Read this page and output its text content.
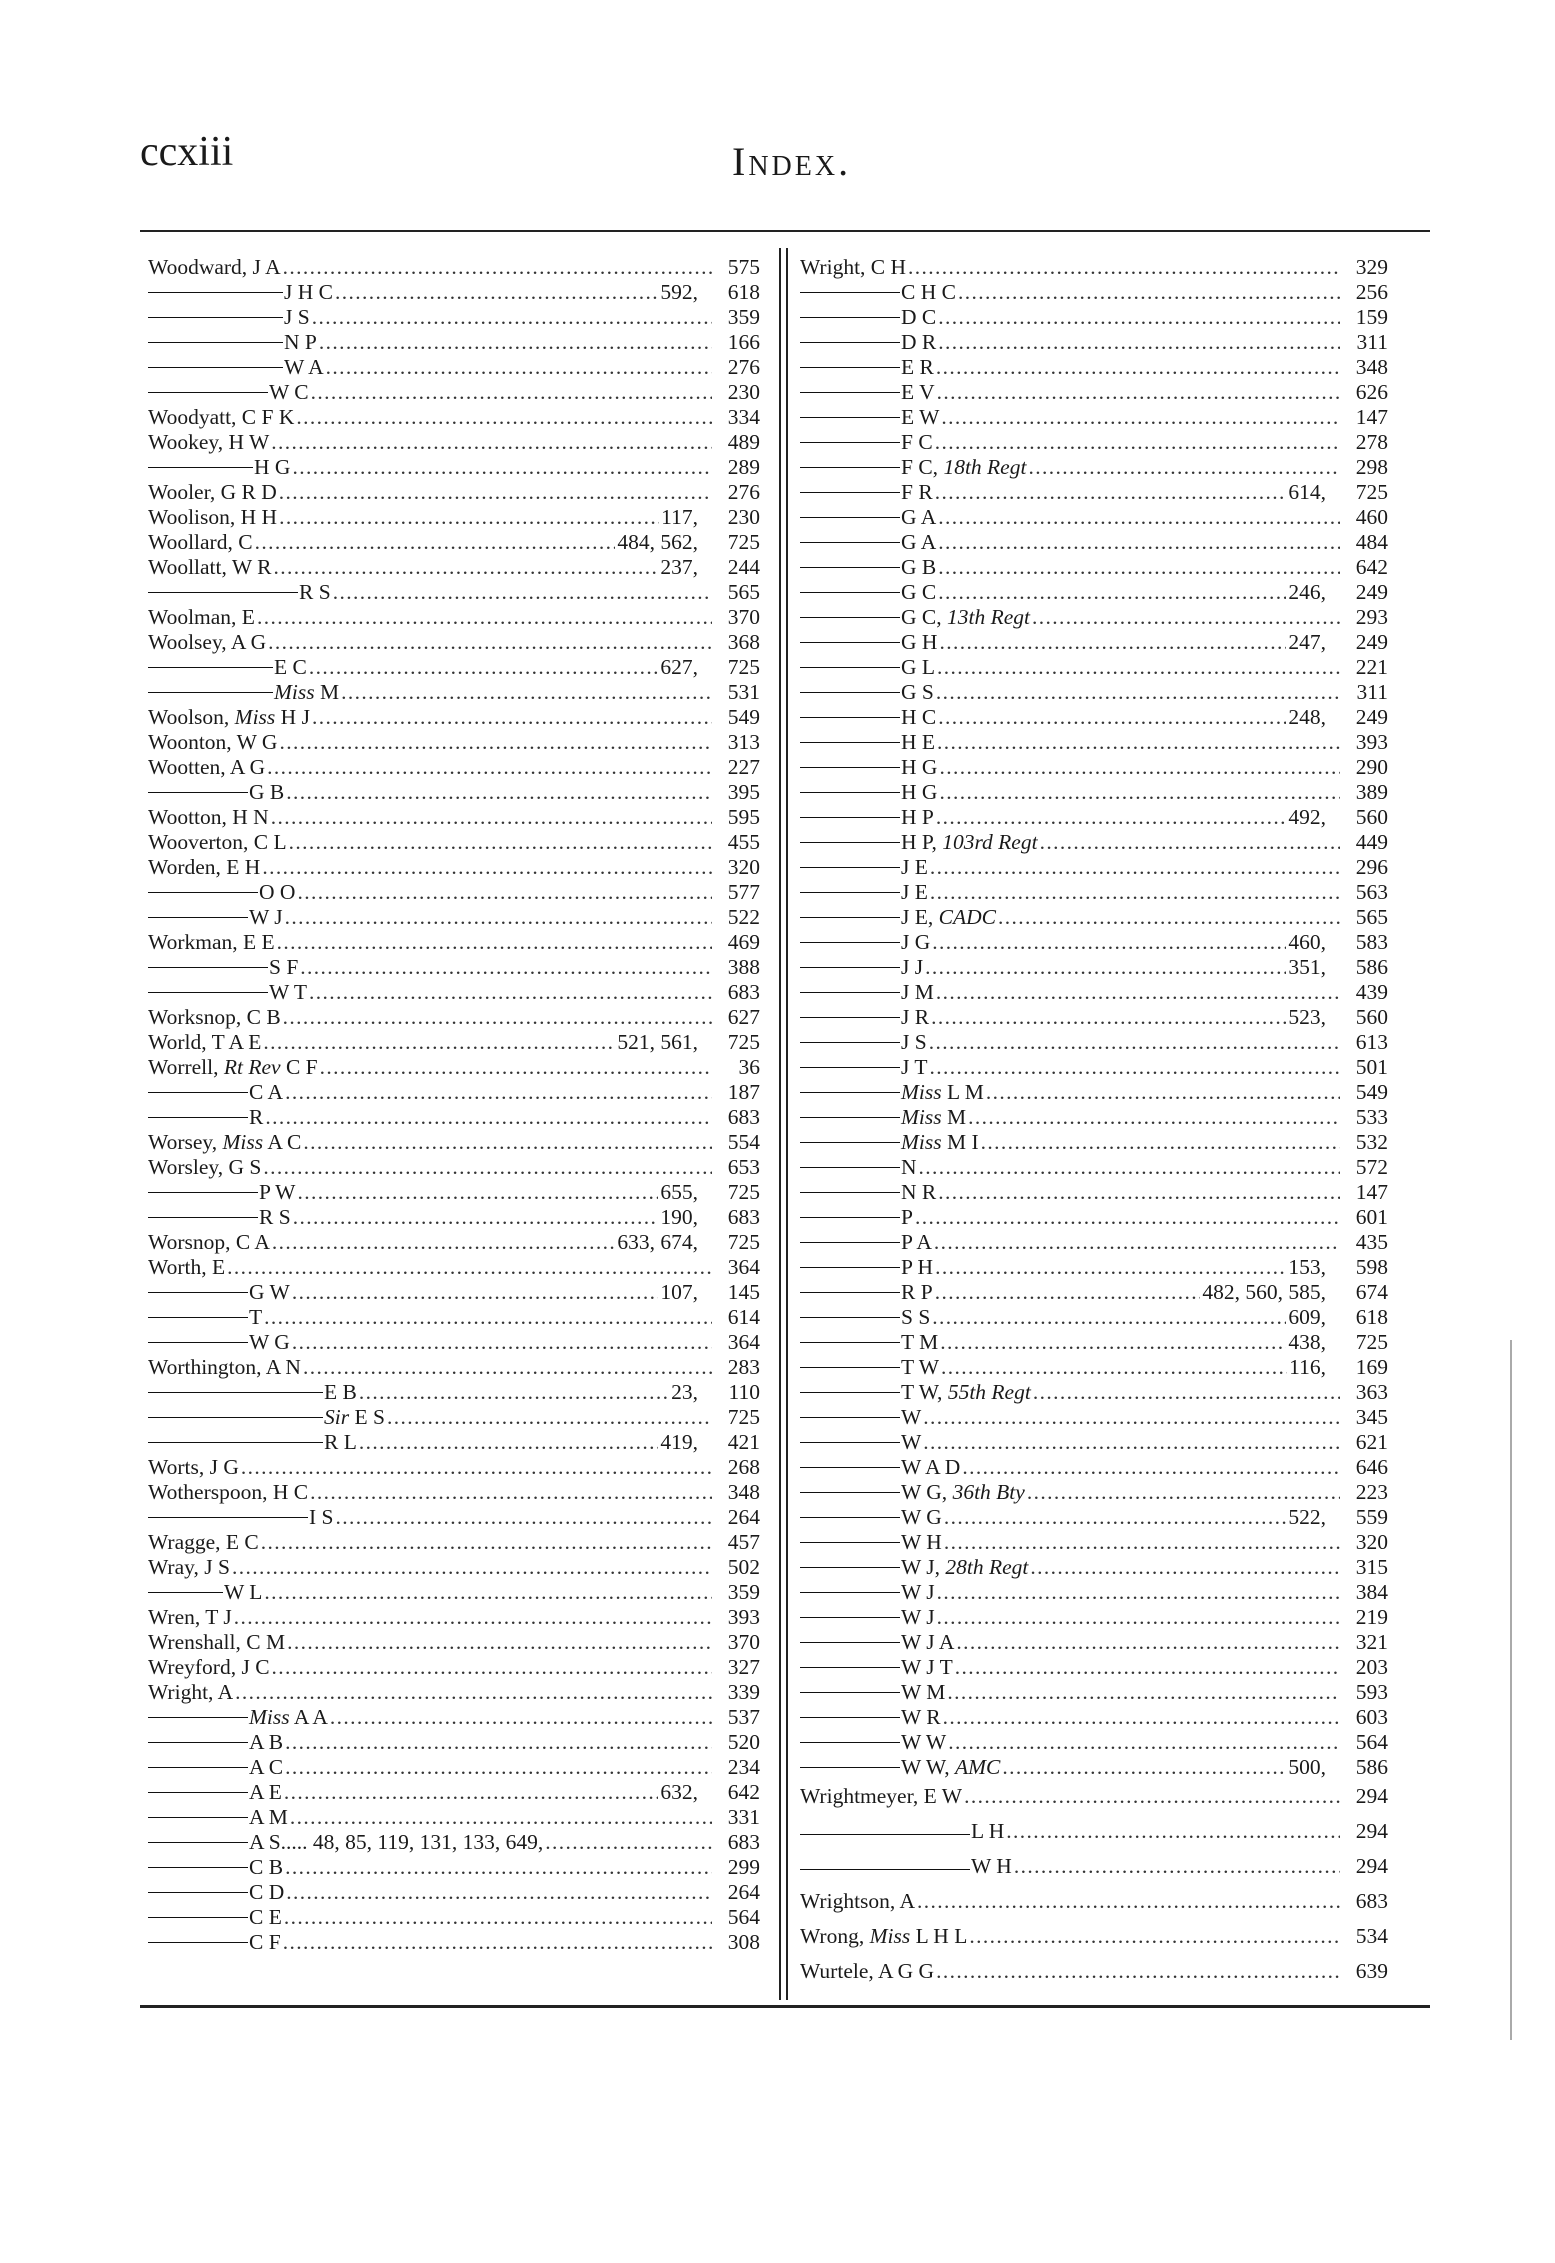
ccxiii	Index.
Woodward, J A . . .	575
J H C . . .	592,	618
J S . . .	359
N P . . .	166
W A . . .	276
W C . . .	230
Woodyatt, C F K . . .	334
Wookey, H W . . .	489
H G . . .	289
Wooler, G R D . . .	276
Woolison, H H . . .	117,	230
Woollard, C . . .	484, 562,	725
Woollatt, W R . . .	237,	244
R S . . .	565
Woolman, E . . .	370
Woolsey, A G . . .	368
E C . . .	627,	725
Miss M . . .	531
Woolson, Miss H J . . .	549
Woonton, W G . . .	313
Wootten, A G . . .	227
G B . . .	395
Wootton, H N . . .	595
Wooverton, C L . . .	455
Worden, E H . . .	320
O O . . .	577
W J . . .	522
Workman, E E . . .	469
S F . . .	388
W T . . .	683
Worksnop, C B . . .	627
World, T A E . . .	521, 561,	725
Worrell, Rt Rev C F . . .	36
C A . . .	187
R . . .	683
Worsey, Miss A C . . .	554
Worsley, G S . . .	653
P W . . .	655,	725
R S . . .	190,	683
Worsnop, C A . . .	633, 674,	725
Worth, E . . .	364
G W . . .	107,	145
T . . .	614
W G . . .	364
Worthington, A N . . .	283
E B . . .	23,	110
Sir E S . . .	725
R L . . .	419,	421
Worts, J G . . .	268
Wotherspoon, H C . . .	348
I S . . .	264
Wragge, E C . . .	457
Wray, J S . . .	502
W L . . .	359
Wren, T J . . .	393
Wrenshall, C M . . .	370
Wreyford, J C . . .	327
Wright, A . . .	339
Miss A A . . .	537
A B . . .	520
A C . . .	234
A E . . .	632,	642
A M . . .	331
A S..... 48, 85, 119, 131, 133, 649, . . .	683
C B . . .	299
C D . . .	264
C E . . .	564
C F . . .	308
Wright, C H . . .	329
C H C . . .	256
D C . . .	159
D R . . .	311
E R . . .	348
E V . . .	626
E W . . .	147
F C . . .	278
F C, 18th Regt . . .	298
F R . . .	614,	725
G A . . .	460
G A . . .	484
G B . . .	642
G C . . .	246,	249
G C, 13th Regt . . .	293
G H . . .	247,	249
G L . . .	221
G S . . .	311
H C . . .	248,	249
H E . . .	393
H G . . .	290
H G . . .	389
H P . . .	492,	560
H P, 103rd Regt . . .	449
J E . . .	296
J E . . .	563
J E, CADC . . .	565
J G . . .	460,	583
J J . . .	351,	586
J M . . .	439
J R . . .	523,	560
J S . . .	613
J T . . .	501
Miss L M . . .	549
Miss M . . .	533
Miss M I . . .	532
N . . .	572
N R . . .	147
P . . .	601
P A . . .	435
P H . . .	153,	598
R P . . .	482, 560, 585,	674
S S . . .	609,	618
T M . . .	438,	725
T W . . .	116,	169
T W, 55th Regt . . .	363
W . . .	345
W . . .	621
W A D . . .	646
W G, 36th Bty . . .	223
W G . . .	522,	559
W H . . .	320
W J, 28th Regt . . .	315
W J . . .	384
W J . . .	219
W J A . . .	321
W J T . . .	203
W M . . .	593
W R . . .	603
W W . . .	564
W W, AMC . . .	500,	586
Wrightmeyer, E W . . .	294
L H . . .	294
W H . . .	294
Wrightson, A . . .	683
Wrong, Miss L H L . . .	534
Wurtele, A G G . . .	639
